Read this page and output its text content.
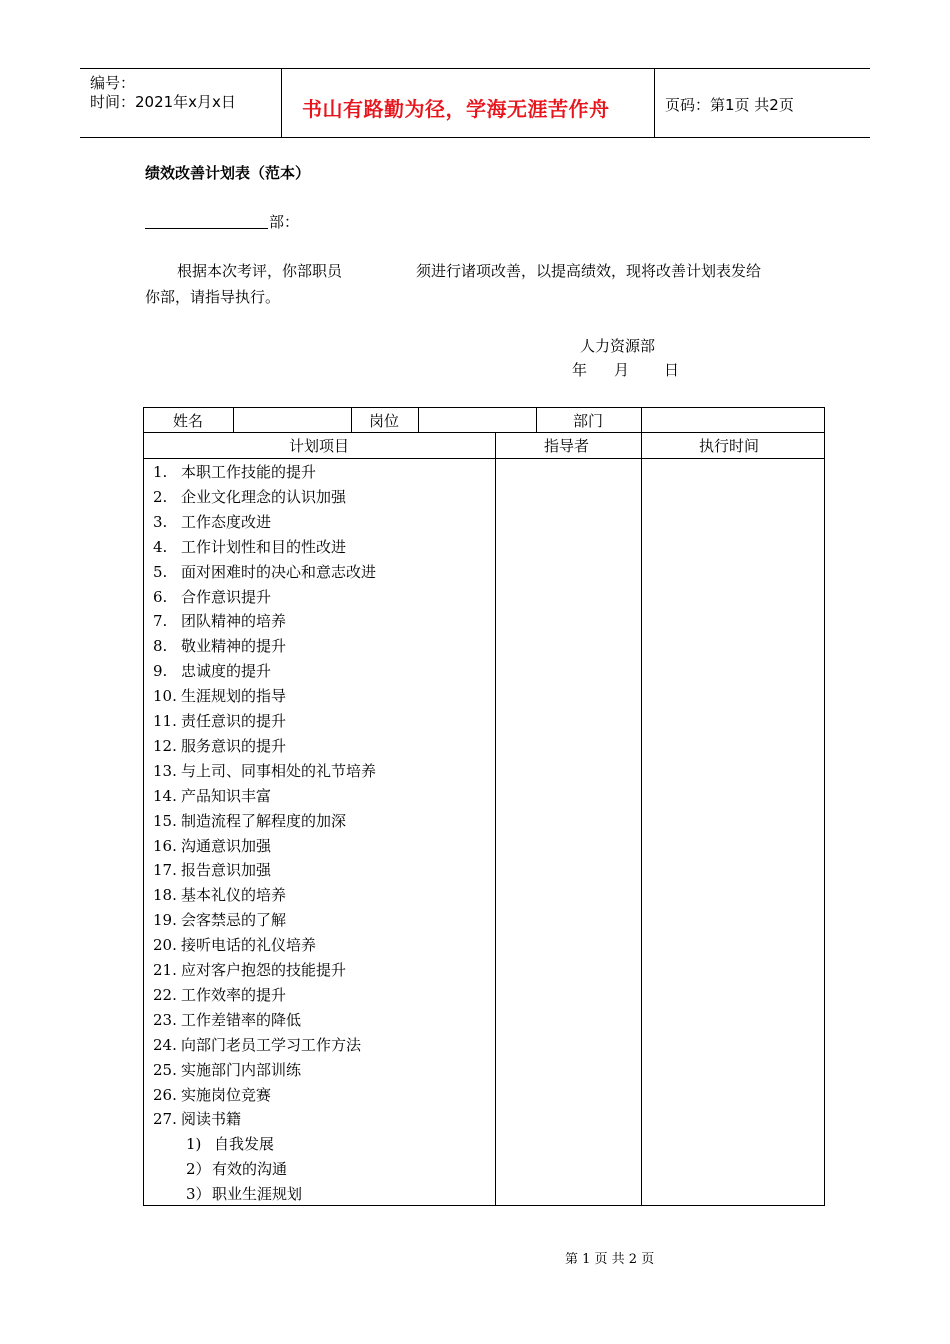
编号：
时间：2021年x月x日	书山有路勤为径，学海无涯苦作舟	页码：第1页 共2页
绩效改善计划表（范本）
部：
根据本次考评，你部职员	须进行诸项改善，以提高绩效，现将改善计划表发给
你部，请指导执行。
人力资源部
年 月 日
姓名	岗位	部门
计划项目	指导者	执行时间
1. 本职工作技能的提升
2. 企业文化理念的认识加强
3. 工作态度改进
4. 工作计划性和目的性改进
5. 面对困难时的决心和意志改进
6. 合作意识提升
7. 团队精神的培养
8. 敬业精神的提升
9. 忠诚度的提升
10. 生涯规划的指导
11. 责任意识的提升
12. 服务意识的提升
13. 与上司、同事相处的礼节培养
14. 产品知识丰富
15. 制造流程了解程度的加深
16. 沟通意识加强
17. 报告意识加强
18. 基本礼仪的培养
19. 会客禁忌的了解
20. 接听电话的礼仪培养
21. 应对客户抱怨的技能提升
22. 工作效率的提升
23. 工作差错率的降低
24. 向部门老员工学习工作方法
25. 实施部门内部训练
26. 实施岗位竞赛
27. 阅读书籍
1) 自我发展
2）有效的沟通
3）职业生涯规划
第 1 页 共 2 页
